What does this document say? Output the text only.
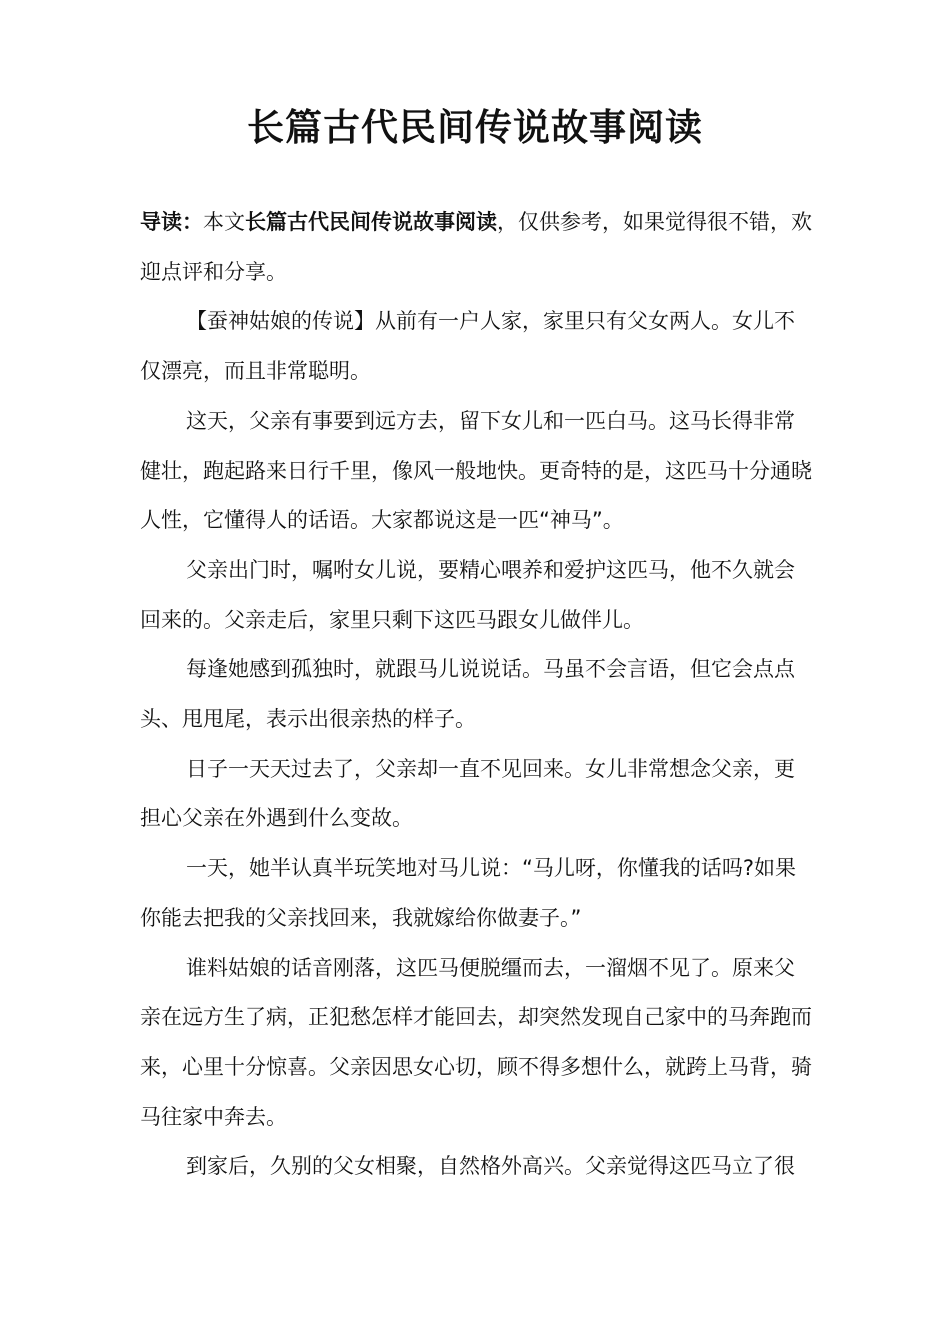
长篇古代民间传说故事阅读

导读：本文长篇古代民间传说故事阅读，仅供参考，如果觉得很不错，欢迎点评和分享。

【蚕神姑娘的传说】从前有一户人家，家里只有父女两人。女儿不仅漂亮，而且非常聪明。

这天，父亲有事要到远方去，留下女儿和一匹白马。这马长得非常健壮，跑起路来日行千里，像风一般地快。更奇特的是，这匹马十分通晓人性，它懂得人的话语。大家都说这是一匹“神马”。

父亲出门时，嘱咐女儿说，要精心喂养和爱护这匹马，他不久就会回来的。父亲走后，家里只剩下这匹马跟女儿做伴儿。

每逢她感到孤独时，就跟马儿说说话。马虽不会言语，但它会点点头、甩甩尾，表示出很亲热的样子。

日子一天天过去了，父亲却一直不见回来。女儿非常想念父亲，更担心父亲在外遇到什么变故。

一天，她半认真半玩笑地对马儿说：“马儿呀，你懂我的话吗?如果你能去把我的父亲找回来，我就嫁给你做妻子。”

谁料姑娘的话音刚落，这匹马便脱缰而去，一溜烟不见了。原来父亲在远方生了病，正犯愁怎样才能回去，却突然发现自己家中的马奔跑而来，心里十分惊喜。父亲因思女心切，顾不得多想什么，就跨上马背，骑马往家中奔去。

到家后，久别的父女相聚，自然格外高兴。父亲觉得这匹马立了很
